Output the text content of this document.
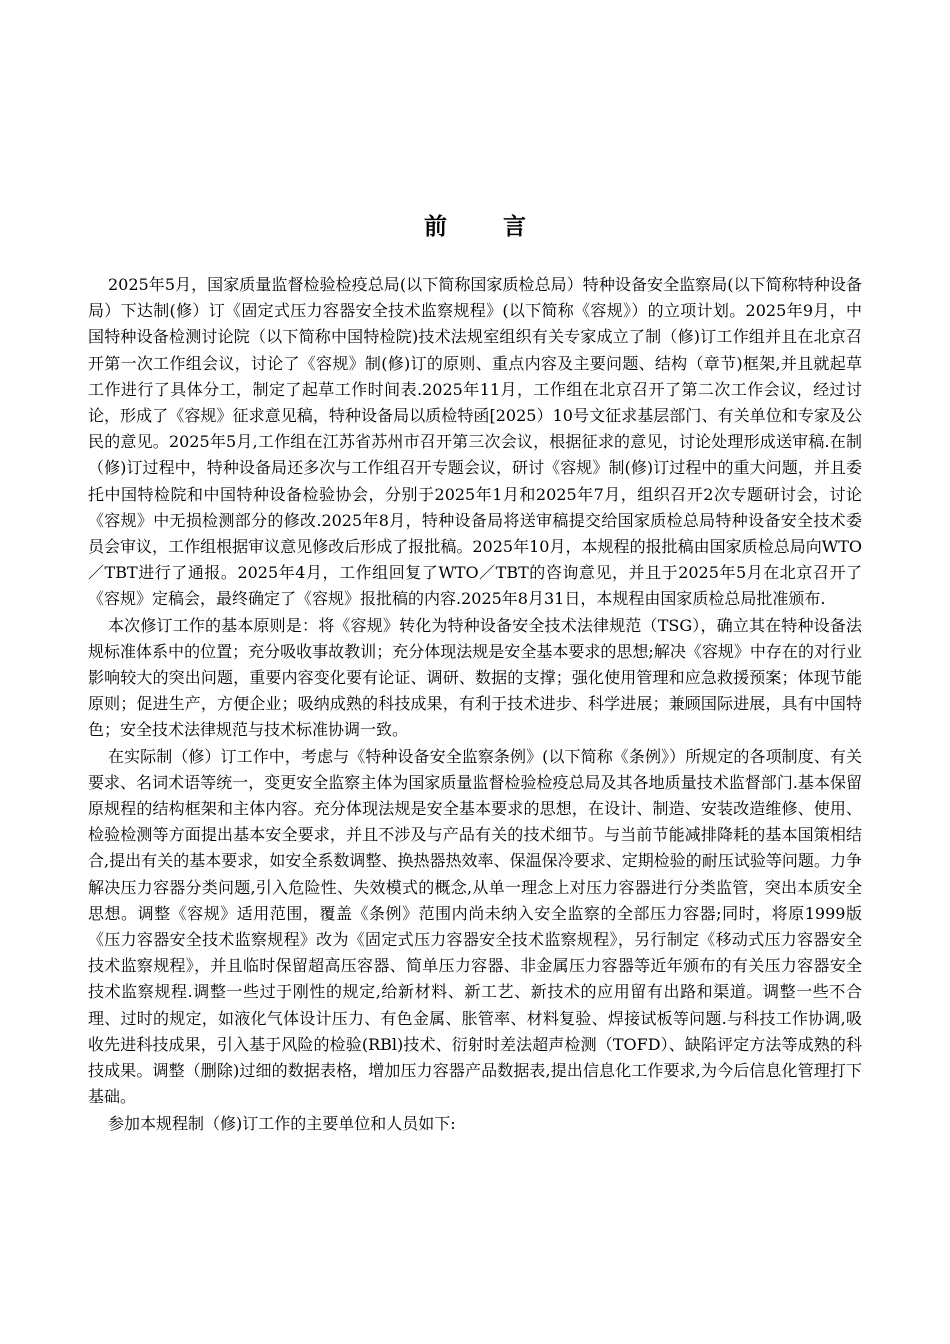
前 言

2025年5月，国家质量监督检验检疫总局(以下简称国家质检总局）特种设备安全监察局(以下简称特种设备局）下达制(修）订《固定式压力容器安全技术监察规程》(以下简称《容规》）的立项计划。2025年9月，中国特种设备检测讨论院（以下简称中国特检院)技术法规室组织有关专家成立了制（修)订工作组并且在北京召开第一次工作组会议，讨论了《容规》制(修)订的原则、重点内容及主要问题、结构（章节)框架,并且就起草工作进行了具体分工，制定了起草工作时间表.2025年11月，工作组在北京召开了第二次工作会议，经过讨论，形成了《容规》征求意见稿，特种设备局以质检特函[2025）10号文征求基层部门、有关单位和专家及公民的意见。2025年5月,工作组在江苏省苏州市召开第三次会议，根据征求的意见，讨论处理形成送审稿.在制（修)订过程中，特种设备局还多次与工作组召开专题会议，研讨《容规》制(修)订过程中的重大问题，并且委托中国特检院和中国特种设备检验协会，分别于2025年1月和2025年7月，组织召开2次专题研讨会，讨论《容规》中无损检测部分的修改.2025年8月，特种设备局将送审稿提交给国家质检总局特种设备安全技术委员会审议，工作组根据审议意见修改后形成了报批稿。2025年10月，本规程的报批稿由国家质检总局向WTO／TBT进行了通报。2025年4月，工作组回复了WTO／TBT的咨询意见，并且于2025年5月在北京召开了《容规》定稿会，最终确定了《容规》报批稿的内容.2025年8月31日，本规程由国家质检总局批准颁布.

本次修订工作的基本原则是：将《容规》转化为特种设备安全技术法律规范（TSG），确立其在特种设备法规标准体系中的位置；充分吸收事故教训；充分体现法规是安全基本要求的思想;解决《容规》中存在的对行业影响较大的突出问题，重要内容变化要有论证、调研、数据的支撑；强化使用管理和应急救援预案；体现节能原则；促进生产，方便企业；吸纳成熟的科技成果，有利于技术进步、科学进展；兼顾国际进展，具有中国特色；安全技术法律规范与技术标准协调一致。

在实际制（修）订工作中，考虑与《特种设备安全监察条例》(以下简称《条例》）所规定的各项制度、有关要求、名词术语等统一，变更安全监察主体为国家质量监督检验检疫总局及其各地质量技术监督部门.基本保留原规程的结构框架和主体内容。充分体现法规是安全基本要求的思想，在设计、制造、安装改造维修、使用、检验检测等方面提出基本安全要求，并且不涉及与产品有关的技术细节。与当前节能减排降耗的基本国策相结合,提出有关的基本要求，如安全系数调整、换热器热效率、保温保冷要求、定期检验的耐压试验等问题。力争解决压力容器分类问题,引入危险性、失效模式的概念,从单一理念上对压力容器进行分类监管，突出本质安全思想。调整《容规》适用范围，覆盖《条例》范围内尚未纳入安全监察的全部压力容器;同时，将原1999版《压力容器安全技术监察规程》改为《固定式压力容器安全技术监察规程》，另行制定《移动式压力容器安全技术监察规程》，并且临时保留超高压容器、简单压力容器、非金属压力容器等近年颁布的有关压力容器安全技术监察规程.调整一些过于刚性的规定,给新材料、新工艺、新技术的应用留有出路和渠道。调整一些不合理、过时的规定，如液化气体设计压力、有色金属、胀管率、材料复验、焊接试板等问题.与科技工作协调,吸收先进科技成果，引入基于风险的检验(RBl)技术、衍射时差法超声检测（TOFD）、缺陷评定方法等成熟的科技成果。调整（删除)过细的数据表格，增加压力容器产品数据表,提出信息化工作要求,为今后信息化管理打下基础。

参加本规程制（修)订工作的主要单位和人员如下:
